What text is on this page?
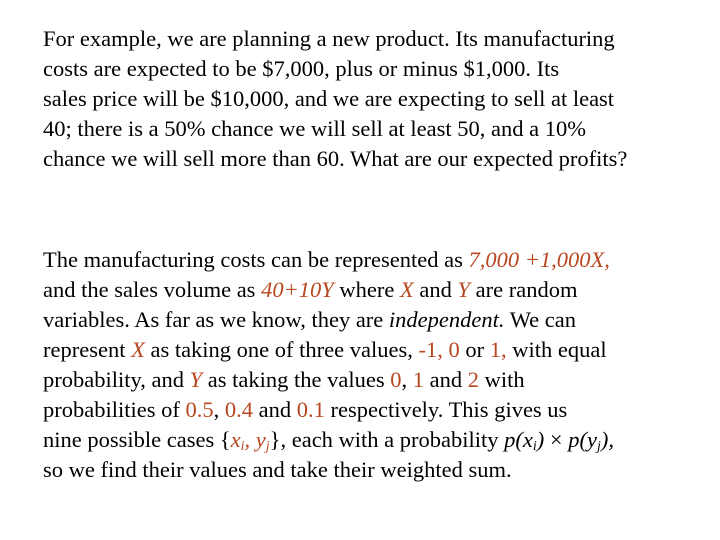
For example, we are planning a new product. Its manufacturing
costs are expected to be $7,000, plus or minus $1,000. Its
sales price will be $10,000, and we are expecting to sell at least
40; there is a 50% chance we will sell at least 50, and a 10%
chance we will sell more than 60. What are our expected profits?
The manufacturing costs can be represented as 7,000 +1,000X,
and the sales volume as 40+10Y where X and Y are random
variables. As far as we know, they are independent. We can
represent X as taking one of three values, -1, 0 or 1, with equal
probability, and Y as taking the values 0, 1 and 2 with
probabilities of 0.5, 0.4 and 0.1 respectively. This gives us
nine possible cases {$x_i$, $y_j$}, each with a probability $p(x_i) \times p(y_j)$,
so we find their values and take their weighted sum.
